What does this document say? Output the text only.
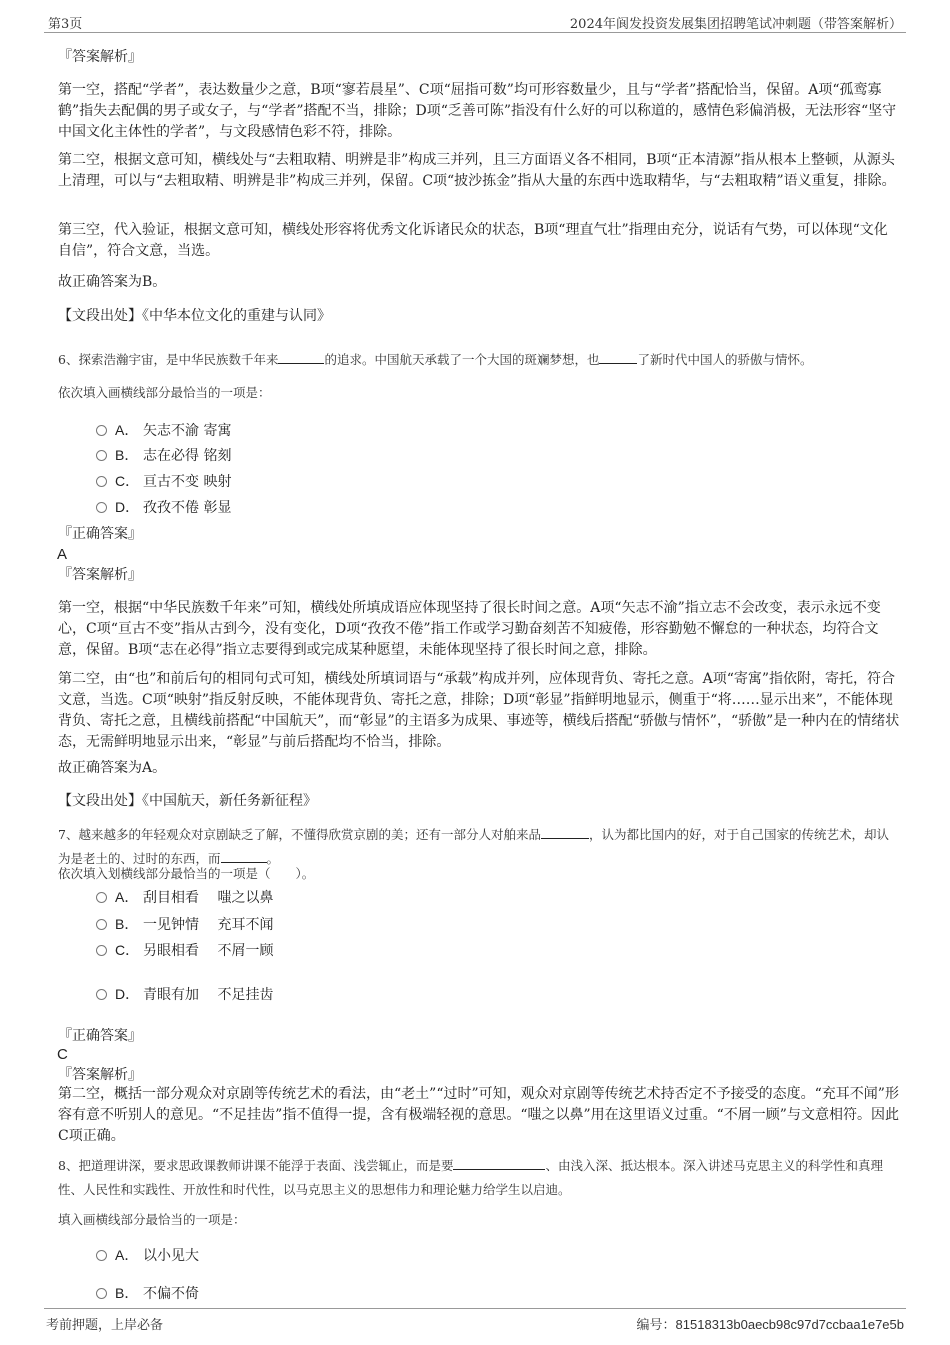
第3页	2024年阆发投资发展集团招聘笔试冲刺题（带答案解析）
『答案解析』

第一空，搭配“学者”，表达数量少之意，B项“寥若晨星”、C项“屈指可数”均可形容数量少，且与“学者”搭配恰当，保留。A项“孤鸾寡鹤”指失去配偶的男子或女子，与“学者”搭配不当，排除；D项“乏善可陈”指没有什么好的可以称道的，感情色彩偏消极，无法形容“坚守中国文化主体性的学者”，与文段感情色彩不符，排除。

第二空，根据文意可知，横线处与“去粗取精、明辨是非”构成三并列，且三方面语义各不相同，B项“正本清源”指从根本上整顿，从源头上清理，可以与“去粗取精、明辨是非”构成三并列，保留。C项“披沙拣金”指从大量的东西中选取精华，与“去粗取精”语义重复，排除。

第三空，代入验证，根据文意可知，横线处形容将优秀文化诉诸民众的状态，B项“理直气壮”指理由充分，说话有气势，可以体现“文化自信”，符合文意，当选。

故正确答案为B。

【文段出处】《中华本位文化的重建与认同》

6、探索浩瀚宇宙，是中华民族数千年来	的追求。中国航天承载了一个大国的斑斓梦想，也	了新时代中国人的骄傲与情怀。
依次填入画横线部分最恰当的一项是：
A． 矢志不渝 寄寓
B． 志在必得 铭刻
C． 亘古不变 映射
D． 孜孜不倦 彰显
『正确答案』
A
『答案解析』

第一空，根据“中华民族数千年来”可知，横线处所填成语应体现坚持了很长时间之意。A项“矢志不渝”指立志不会改变，表示永远不变心，C项“亘古不变”指从古到今，没有变化，D项“孜孜不倦”指工作或学习勤奋刻苦不知疲倦，形容勤勉不懈怠的一种状态，均符合文意，保留。B项“志在必得”指立志要得到或完成某种愿望，未能体现坚持了很长时间之意，排除。

第二空，由“也”和前后句的相同句式可知，横线处所填词语与“承载”构成并列，应体现背负、寄托之意。A项“寄寓”指依附，寄托，符合文意，当选。C项“映射”指反射反映，不能体现背负、寄托之意，排除；D项“彰显”指鲜明地显示，侧重于“将……显示出来”，不能体现背负、寄托之意，且横线前搭配“中国航天”，而“彰显”的主语多为成果、事迹等，横线后搭配“骄傲与情怀”，“骄傲”是一种内在的情绪状态，无需鲜明地显示出来，“彰显”与前后搭配均不恰当，排除。

故正确答案为A。

【文段出处】《中国航天，新任务新征程》

7、越来越多的年轻观众对京剧缺乏了解，不懂得欣赏京剧的美；还有一部分人对舶来品	，认为都比国内的好，对于自己国家的传统艺术，却认为是老土的、过时的东西，而	。
依次填入划横线部分最恰当的一项是（　　）。
A． 刮目相看　 嗤之以鼻
B． 一见钟情　 充耳不闻
C． 另眼相看　 不屑一顾
D． 青眼有加　 不足挂齿
『正确答案』
C
『答案解析』

第二空，概括一部分观众对京剧等传统艺术的看法，由“老土”“过时”可知，观众对京剧等传统艺术持否定不予接受的态度。“充耳不闻”形容有意不听别人的意见。“不足挂齿”指不值得一提，含有极端轻视的意思。“嗤之以鼻”用在这里语义过重。“不屑一顾”与文意相符。因此C项正确。

8、把道理讲深，要求思政课教师讲课不能浮于表面、浅尝辄止，而是要	、由浅入深、抵达根本。深入讲述马克思主义的科学性和真理性、人民性和实践性、开放性和时代性，以马克思主义的思想伟力和理论魅力给学生以启迪。
填入画横线部分最恰当的一项是：
A． 以小见大
B． 不偏不倚
考前押题，上岸必备	编号：81518313b0aecb98c97d7ccbaa1e7e5b
